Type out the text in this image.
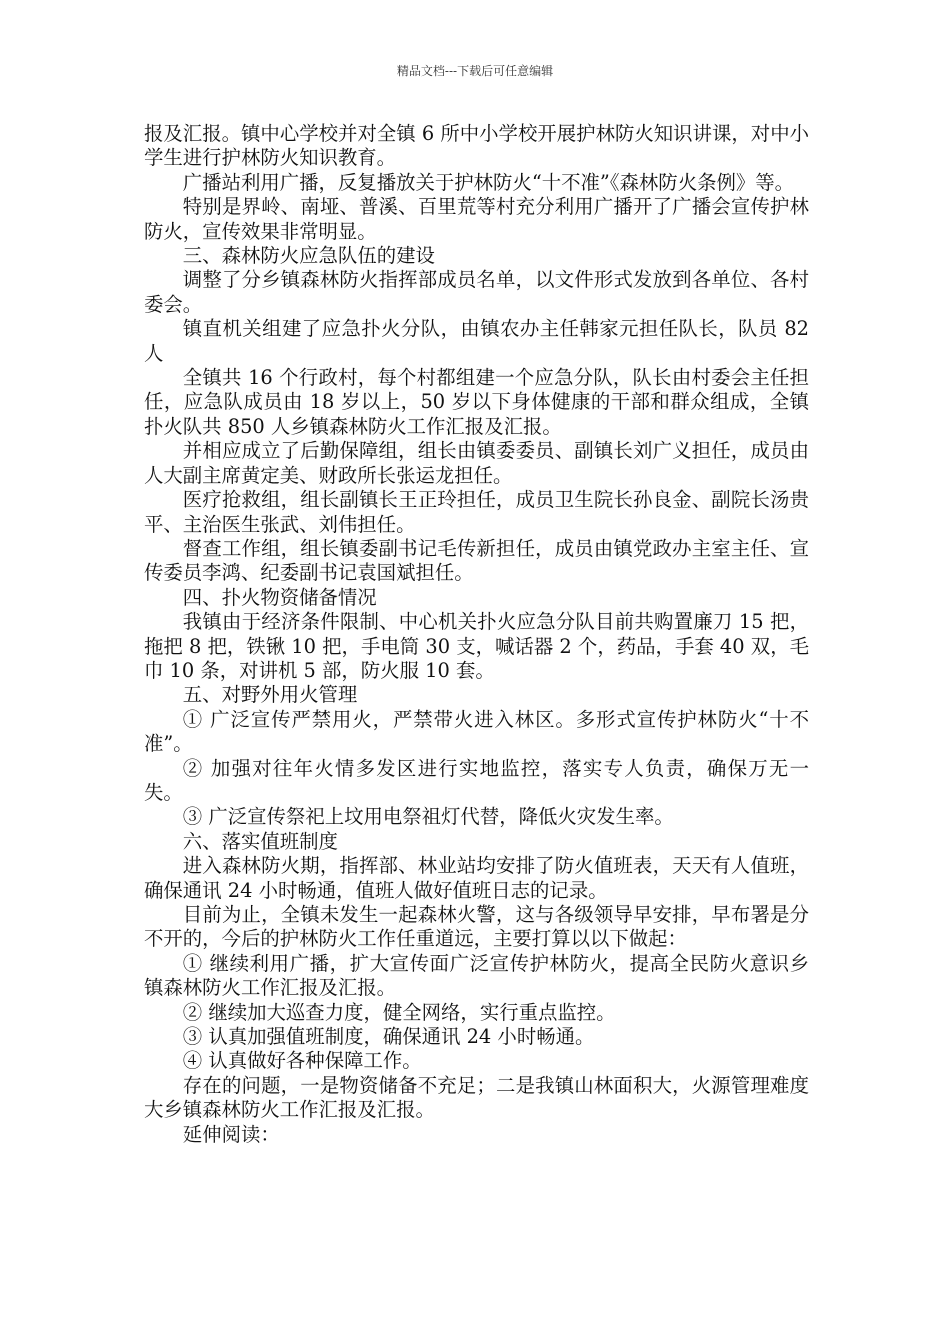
精品文档---下载后可任意编辑

报及汇报。镇中心学校并对全镇 6 所中小学校开展护林防火知识讲课，对中小学生进行护林防火知识教育。

广播站利用广播，反复播放关于护林防火“十不准”《森林防火条例》等。

特别是界岭、南垭、普溪、百里荒等村充分利用广播开了广播会宣传护林防火，宣传效果非常明显。

三、森林防火应急队伍的建设

调整了分乡镇森林防火指挥部成员名单，以文件形式发放到各单位、各村委会。

镇直机关组建了应急扑火分队，由镇农办主任韩家元担任队长，队员 82 人

全镇共 16 个行政村，每个村都组建一个应急分队，队长由村委会主任担任，应急队成员由 18 岁以上，50 岁以下身体健康的干部和群众组成，全镇扑火队共 850 人乡镇森林防火工作汇报及汇报。

并相应成立了后勤保障组，组长由镇委委员、副镇长刘广义担任，成员由人大副主席黄定美、财政所长张运龙担任。

医疗抢救组，组长副镇长王正玲担任，成员卫生院长孙良金、副院长汤贵平、主治医生张武、刘伟担任。

督查工作组，组长镇委副书记毛传新担任，成员由镇党政办主室主任、宣传委员李鸿、纪委副书记袁国斌担任。

四、扑火物资储备情况

我镇由于经济条件限制、中心机关扑火应急分队目前共购置廉刀 15 把，拖把 8 把，铁锹 10 把，手电筒 30 支，喊话器 2 个，药品，手套 40 双，毛巾 10 条，对讲机 5 部，防火服 10 套。

五、对野外用火管理

① 广泛宣传严禁用火，严禁带火进入林区。多形式宣传护林防火“十不准”。

② 加强对往年火情多发区进行实地监控，落实专人负责，确保万无一失。

③ 广泛宣传祭祀上坟用电祭祖灯代替，降低火灾发生率。

六、落实值班制度

进入森林防火期，指挥部、林业站均安排了防火值班表，天天有人值班，确保通讯 24 小时畅通，值班人做好值班日志的记录。

目前为止，全镇未发生一起森林火警，这与各级领导早安排，早布署是分不开的，今后的护林防火工作任重道远，主要打算以以下做起：

① 继续利用广播，扩大宣传面广泛宣传护林防火，提高全民防火意识乡镇森林防火工作汇报及汇报。

② 继续加大巡查力度，健全网络，实行重点监控。

③ 认真加强值班制度，确保通讯 24 小时畅通。

④ 认真做好各种保障工作。

存在的问题，一是物资储备不充足；二是我镇山林面积大，火源管理难度大乡镇森林防火工作汇报及汇报。

延伸阅读：
